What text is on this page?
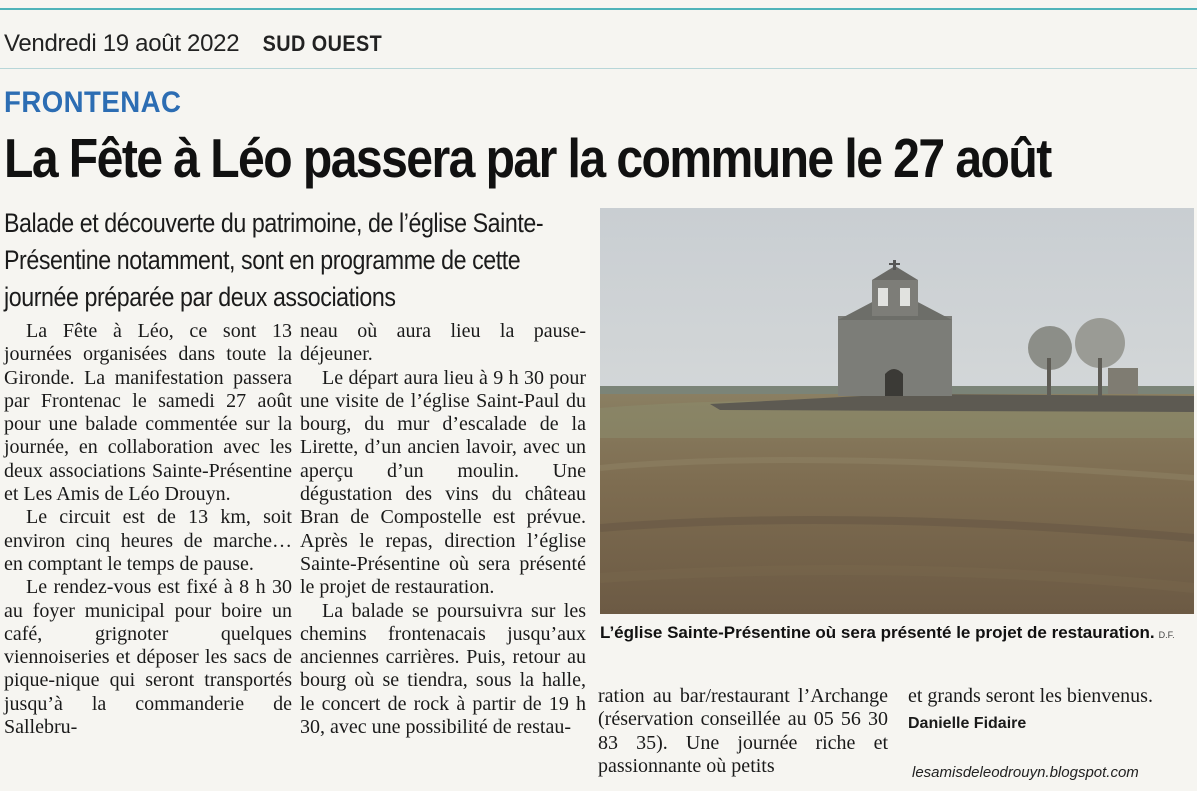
Vendredi 19 août 2022 SUD OUEST
FRONTENAC
La Fête à Léo passera par la commune le 27 août
Balade et découverte du patrimoine, de l’église Sainte-Présentine notamment, sont en programme de cette journée préparée par deux associations

La Fête à Léo, ce sont 13 journées organisées dans toute la Gironde. La manifestation passera par Frontenac le samedi 27 août pour une balade commentée sur la journée, en collaboration avec les deux associations Sainte-Présentine et Les Amis de Léo Drouyn.

Le circuit est de 13 km, soit environ cinq heures de marche… en comptant le temps de pause.

Le rendez-vous est fixé à 8 h 30 au foyer municipal pour boire un café, grignoter quelques viennoiseries et déposer les sacs de pique-nique qui seront transportés jusqu’à la commanderie de Sallebru-

neau où aura lieu la pause-déjeuner.

Le départ aura lieu à 9 h 30 pour une visite de l’église Saint-Paul du bourg, du mur d’escalade de la Lirette, d’un ancien lavoir, avec un aperçu d’un moulin. Une dégustation des vins du château Bran de Compostelle est prévue. Après le repas, direction l’église Sainte-Présentine où sera présenté le projet de restauration.

La balade se poursuivra sur les chemins frontenacais jusqu’aux anciennes carrières. Puis, retour au bourg où se tiendra, sous la halle, le concert de rock à partir de 19 h 30, avec une possibilité de restau-

L’église Sainte-Présentine où sera présenté le projet de restauration. D.F.

ration au bar/restaurant l’Archange (réservation conseillée au 05 56 30 83 35). Une journée riche et passionnante où petits

et grands seront les bienvenus.

Danielle Fidaire
lesamisdeleodrouyn.blogspot.com
